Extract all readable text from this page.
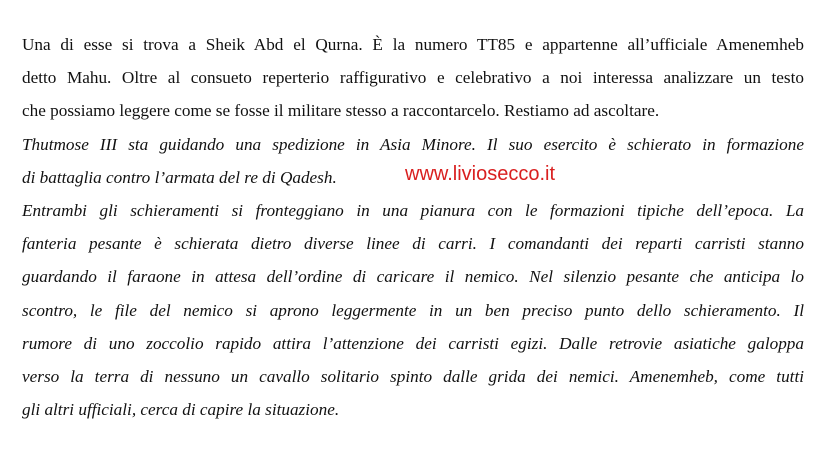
Una di esse si trova a Sheik Abd el Qurna. È la numero TT85 e appartenne all’ufficiale Amenemheb
detto Mahu. Oltre al consueto reperterio raffigurativo e celebrativo a noi interessa analizzare un testo
che possiamo leggere come se fosse il militare stesso a raccontarcelo. Restiamo ad ascoltare.
Thutmose III sta guidando una spedizione in Asia Minore. Il suo esercito è schierato in formazione
di battaglia contro l’armata del re di Qadesh.
Entrambi gli schieramenti si fronteggiano in una pianura con le formazioni tipiche dell’epoca. La
fanteria pesante è schierata dietro diverse linee di carri. I comandanti dei reparti carristi stanno
guardando il faraone in attesa dell’ordine di caricare il nemico. Nel silenzio pesante che anticipa lo
scontro, le file del nemico si aprono leggermente in un ben preciso punto dello schieramento. Il
rumore di uno zoccolio rapido attira l’attenzione dei carristi egizi. Dalle retrovie asiatiche galoppa
verso la terra di nessuno un cavallo solitario spinto dalle grida dei nemici. Amenemheb, come tutti
gli altri ufficiali, cerca di capire la situazione.
www.liviosecco.it
